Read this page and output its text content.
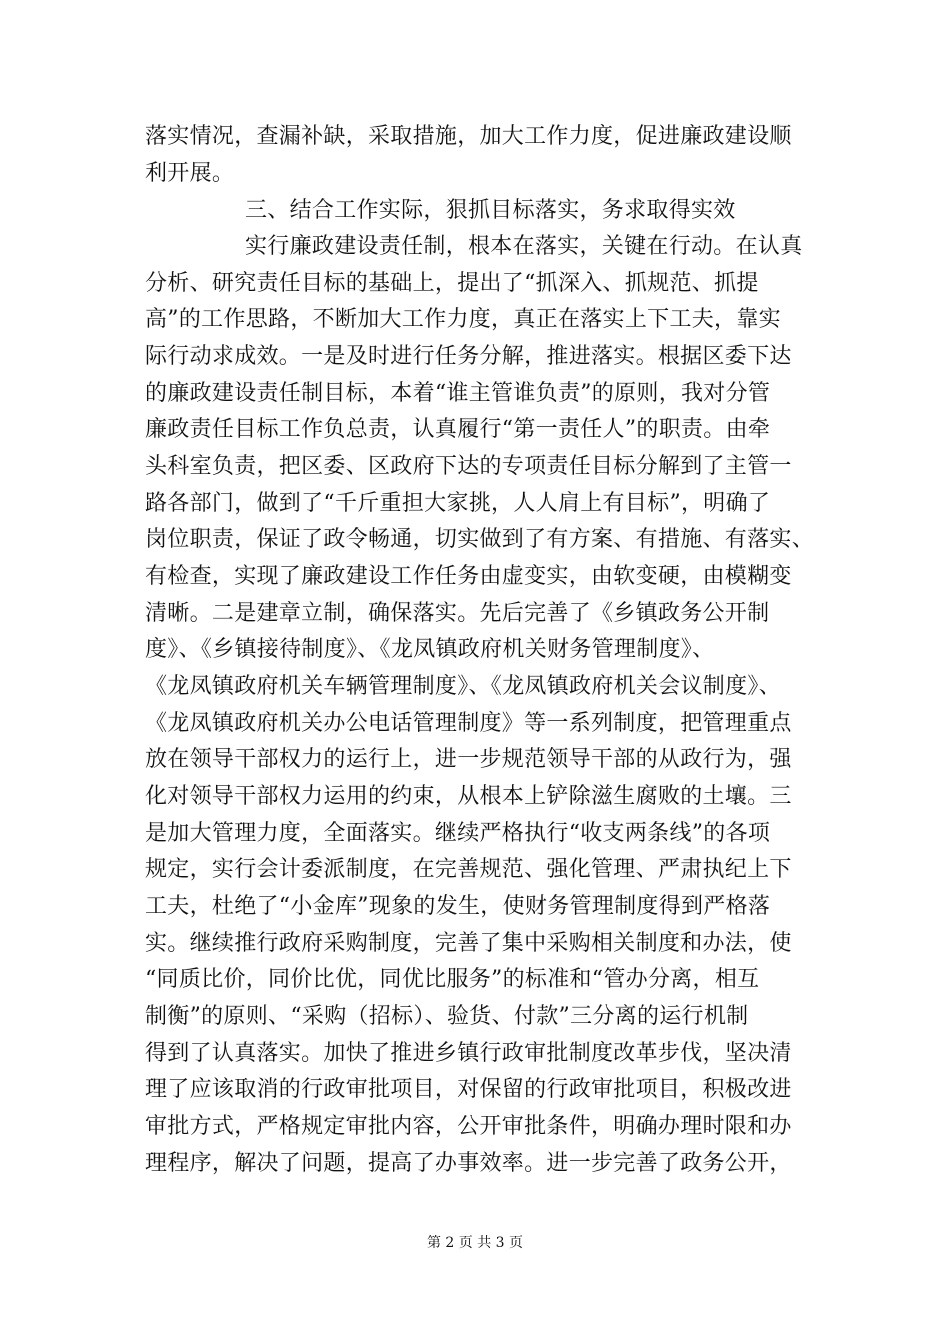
落实情况，查漏补缺，采取措施，加大工作力度，促进廉政建设顺
利开展。
三、结合工作实际，狠抓目标落实，务求取得实效
实行廉政建设责任制，根本在落实，关键在行动。在认真
分析、研究责任目标的基础上，提出了“抓深入、抓规范、抓提
高”的工作思路，不断加大工作力度，真正在落实上下工夫，靠实
际行动求成效。一是及时进行任务分解，推进落实。根据区委下达
的廉政建设责任制目标，本着“谁主管谁负责”的原则，我对分管
廉政责任目标工作负总责，认真履行“第一责任人”的职责。由牵
头科室负责，把区委、区政府下达的专项责任目标分解到了主管一
路各部门，做到了“千斤重担大家挑，人人肩上有目标”，明确了
岗位职责，保证了政令畅通，切实做到了有方案、有措施、有落实、
有检查，实现了廉政建设工作任务由虚变实，由软变硬，由模糊变
清晰。二是建章立制，确保落实。先后完善了《乡镇政务公开制
度》、《乡镇接待制度》、《龙凤镇政府机关财务管理制度》、
《龙凤镇政府机关车辆管理制度》、《龙凤镇政府机关会议制度》、
《龙凤镇政府机关办公电话管理制度》等一系列制度，把管理重点
放在领导干部权力的运行上，进一步规范领导干部的从政行为，强
化对领导干部权力运用的约束，从根本上铲除滋生腐败的土壤。三
是加大管理力度，全面落实。继续严格执行“收支两条线”的各项
规定，实行会计委派制度，在完善规范、强化管理、严肃执纪上下
工夫，杜绝了“小金库”现象的发生，使财务管理制度得到严格落
实。继续推行政府采购制度，完善了集中采购相关制度和办法，使
“同质比价，同价比优，同优比服务”的标准和“管办分离，相互
制衡”的原则、“采购（招标）、验货、付款”三分离的运行机制
得到了认真落实。加快了推进乡镇行政审批制度改革步伐，坚决清
理了应该取消的行政审批项目，对保留的行政审批项目，积极改进
审批方式，严格规定审批内容，公开审批条件，明确办理时限和办
理程序，解决了问题，提高了办事效率。进一步完善了政务公开，
第 2 页 共 3 页
